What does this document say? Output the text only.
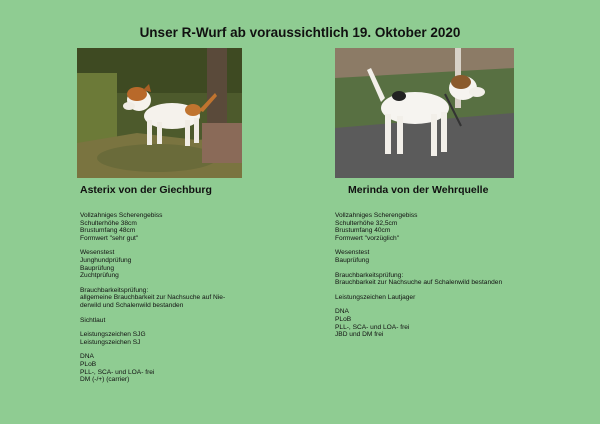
Unser R-Wurf ab voraussichtlich 19. Oktober 2020
Asterix von der Giechburg	Merinda von der Wehrquelle
Vollzahniges Scherengebiss
Schulterhöhe 38cm
Brustumfang 48cm
Formwert "sehr gut"
Wesenstest
Junghundprüfung
Bauprüfung
Zuchtprüfung
Brauchbarkeitsprüfung:
allgemeine Brauchbarkeit zur Nachsuche auf Nie-
derwild und Schalenwild bestanden
Sichtlaut
Leistungszeichen SJG
Leistungszeichen SJ
DNA
PLoB
PLL-, SCA- und LOA- frei
DM (-/+) (carrier)
Vollzahniges Scherengebiss
Schulterhöhe 32,5cm
Brustumfang 40cm
Formwert "vorzüglich"
Wesenstest
Bauprüfung
Brauchbarkeitsprüfung:
Brauchbarkeit zur Nachsuche auf Schalenwild bestanden
Leistungszeichen Lautjager
DNA
PLoB
PLL-, SCA- und LOA- frei
JBD und DM frei
